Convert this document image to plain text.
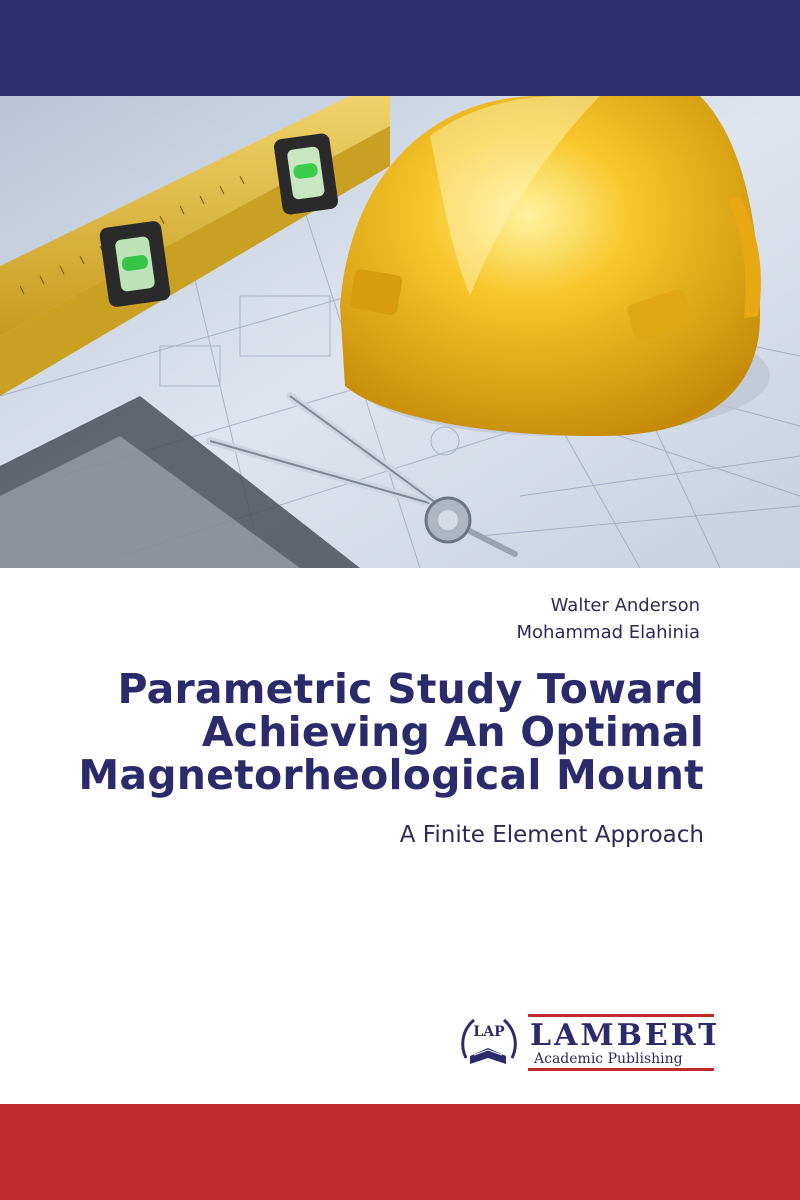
Walter Anderson
Mohammad Elahinia
Parametric Study Toward
Achieving An Optimal
Magnetorheological Mount
A Finite Element Approach
LAP LAMBERT
Academic Publishing
